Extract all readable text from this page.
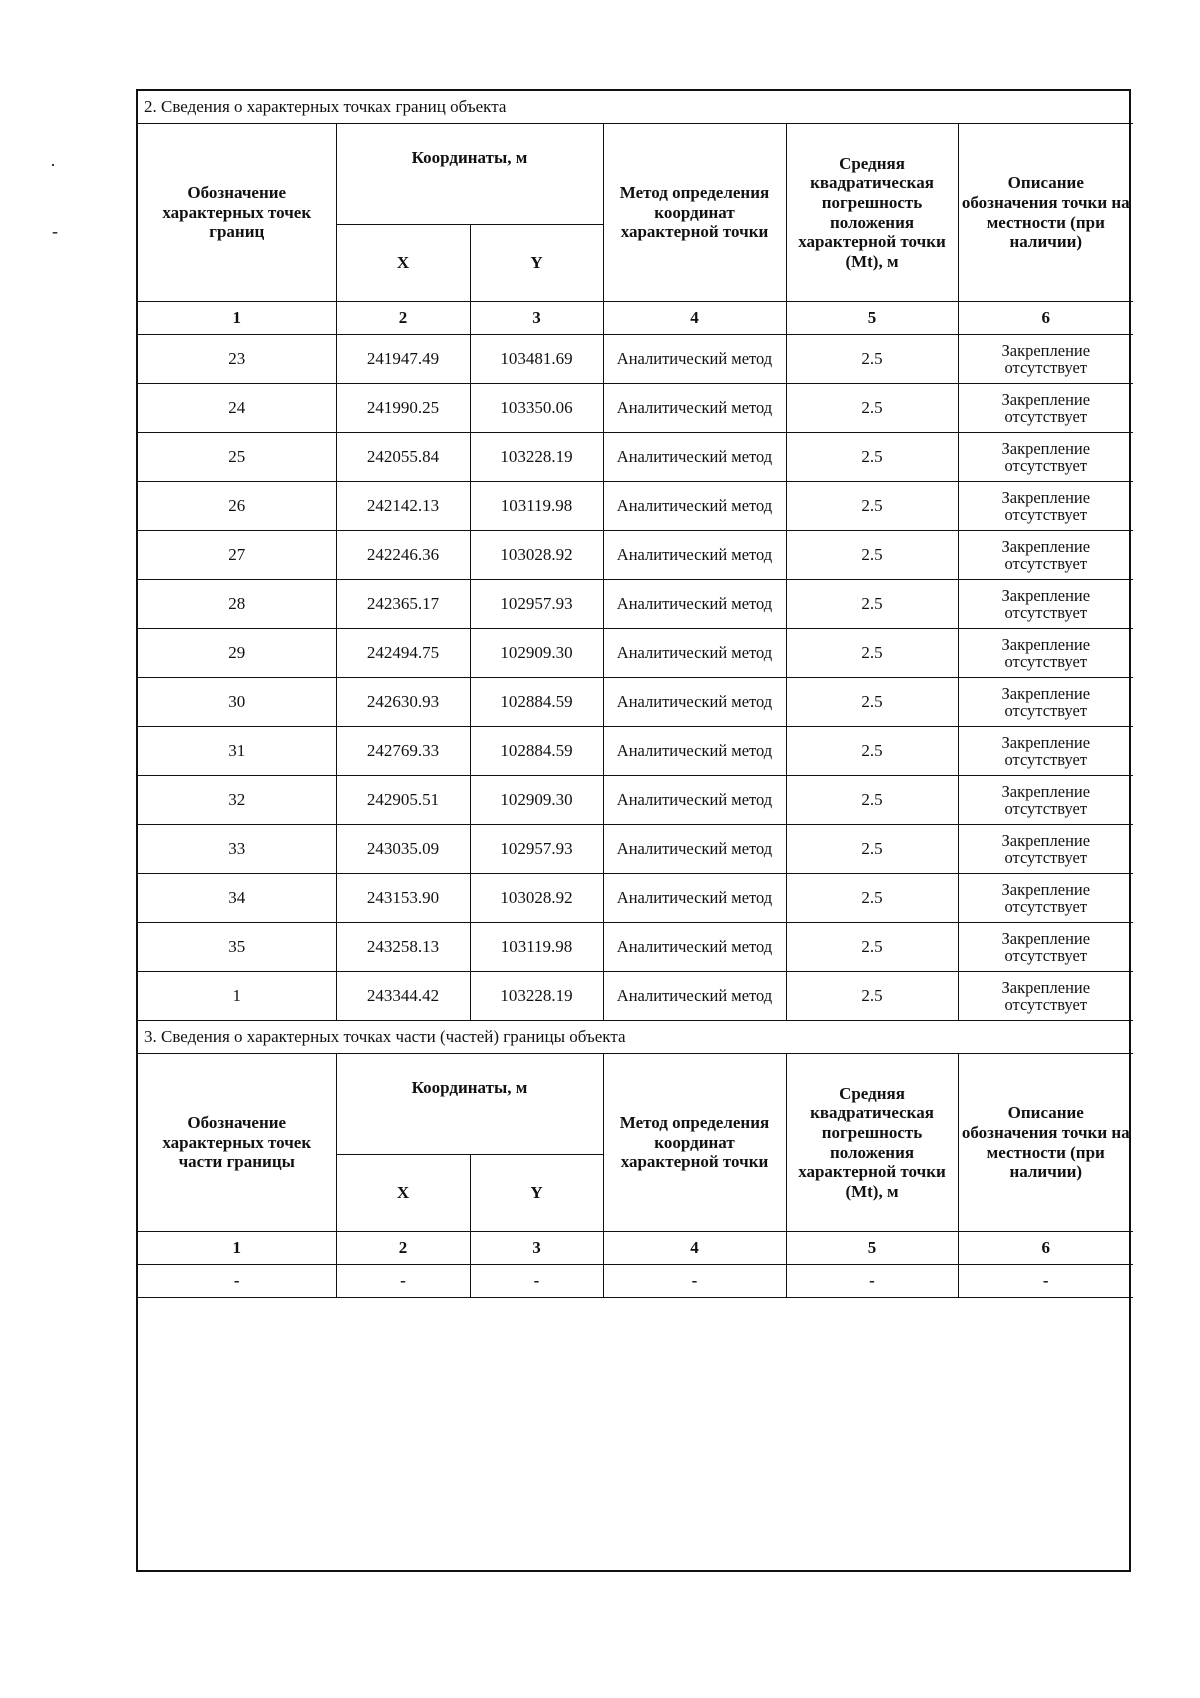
·
-
2. Сведения о характерных точках границ объекта					
Обозначение характерных точек границ	Координаты, м		Метод определения координат характерной точки	Средняя квадратическая погрешность положения характерной точки (Mt), м	Описание обозначения точки на местности (при наличии)
	X	Y			
1	2	3	4	5	6
23	241947.49	103481.69	Аналитический метод	2.5	Закрепление отсутствует
24	241990.25	103350.06	Аналитический метод	2.5	Закрепление отсутствует
25	242055.84	103228.19	Аналитический метод	2.5	Закрепление отсутствует
26	242142.13	103119.98	Аналитический метод	2.5	Закрепление отсутствует
27	242246.36	103028.92	Аналитический метод	2.5	Закрепление отсутствует
28	242365.17	102957.93	Аналитический метод	2.5	Закрепление отсутствует
29	242494.75	102909.30	Аналитический метод	2.5	Закрепление отсутствует
30	242630.93	102884.59	Аналитический метод	2.5	Закрепление отсутствует
31	242769.33	102884.59	Аналитический метод	2.5	Закрепление отсутствует
32	242905.51	102909.30	Аналитический метод	2.5	Закрепление отсутствует
33	243035.09	102957.93	Аналитический метод	2.5	Закрепление отсутствует
34	243153.90	103028.92	Аналитический метод	2.5	Закрепление отсутствует
35	243258.13	103119.98	Аналитический метод	2.5	Закрепление отсутствует
1	243344.42	103228.19	Аналитический метод	2.5	Закрепление отсутствует
3. Сведения о характерных точках части (частей) границы объекта					
Обозначение характерных точек части границы	Координаты, м		Метод определения координат характерной точки	Средняя квадратическая погрешность положения характерной точки (Mt), м	Описание обозначения точки на местности (при наличии)
	X	Y			
1	2	3	4	5	6
-	-	-	-	-	-
